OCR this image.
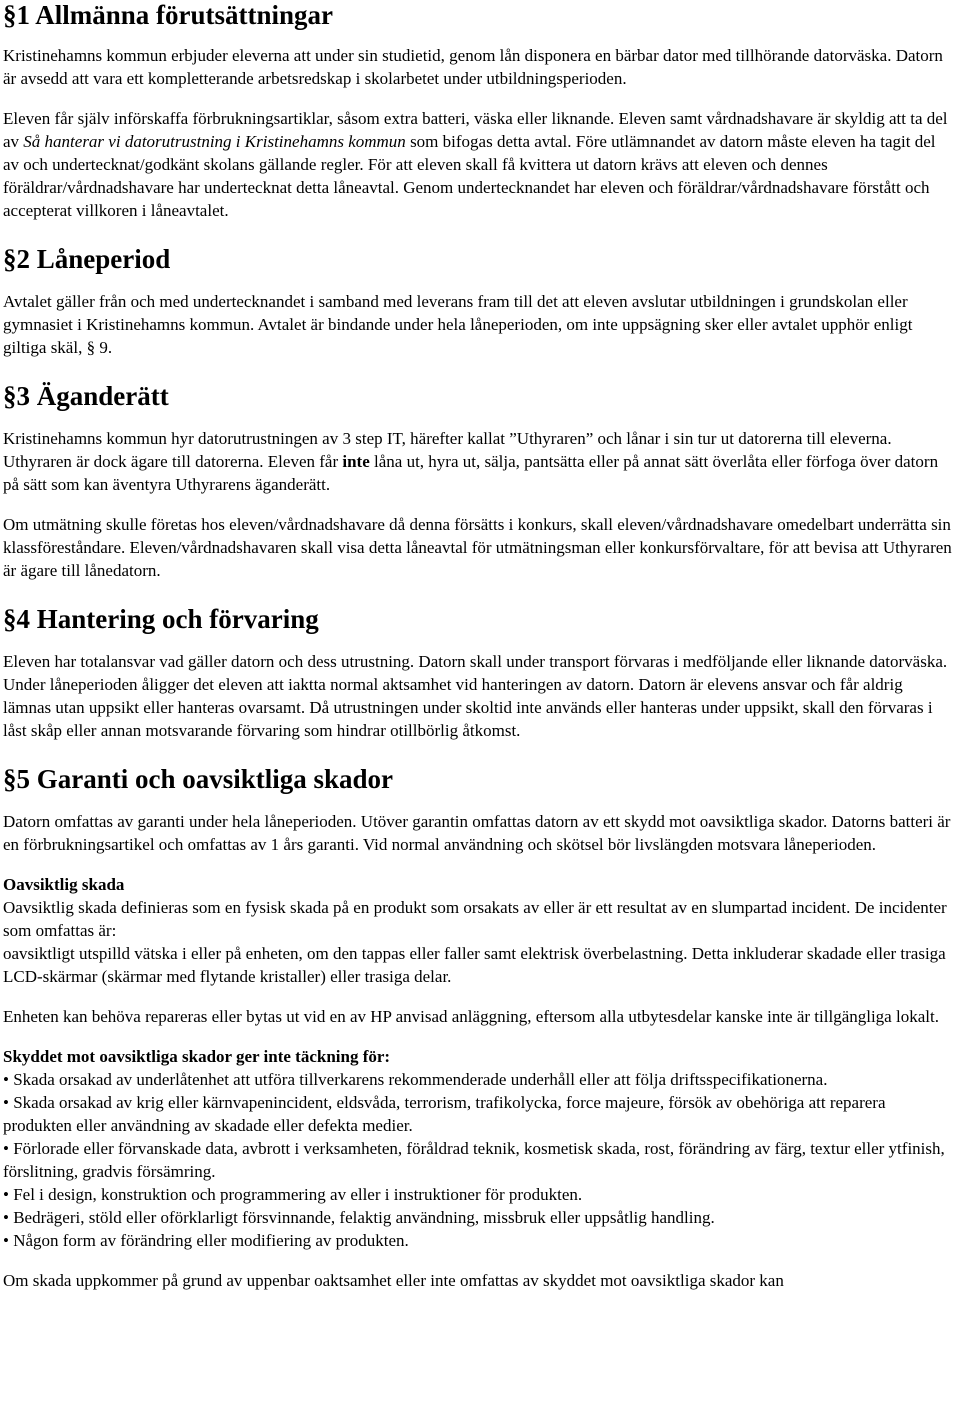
§1 Allmänna förutsättningar

Kristinehamns kommun erbjuder eleverna att under sin studietid, genom lån disponera en bärbar dator med tillhörande datorväska. Datorn är avsedd att vara ett kompletterande arbetsredskap i skolarbetet under utbildningsperioden.

Eleven får själv införskaffa förbrukningsartiklar, såsom extra batteri, väska eller liknande. Eleven samt vårdnadshavare är skyldig att ta del av Så hanterar vi datorutrustning i Kristinehamns kommun som bifogas detta avtal. Före utlämnandet av datorn måste eleven ha tagit del av och undertecknat/godkänt skolans gällande regler. För att eleven skall få kvittera ut datorn krävs att eleven och dennes föräldrar/vårdnadshavare har undertecknat detta låneavtal. Genom undertecknandet har eleven och föräldrar/vårdnadshavare förstått och accepterat villkoren i låneavtalet.

§2 Låneperiod

Avtalet gäller från och med undertecknandet i samband med leverans fram till det att eleven avslutar utbildningen i grundskolan eller gymnasiet i Kristinehamns kommun. Avtalet är bindande under hela låneperioden, om inte uppsägning sker eller avtalet upphör enligt giltiga skäl, § 9.

§3 Äganderätt

Kristinehamns kommun hyr datorutrustningen av 3 step IT, härefter kallat ”Uthyraren” och lånar i sin tur ut datorerna till eleverna. Uthyraren är dock ägare till datorerna. Eleven får inte låna ut, hyra ut, sälja, pantsätta eller på annat sätt överlåta eller förfoga över datorn på sätt som kan äventyra Uthyrarens äganderätt.

Om utmätning skulle företas hos eleven/vårdnadshavare då denna försätts i konkurs, skall eleven/vårdnadshavare omedelbart underrätta sin klassföreståndare. Eleven/vårdnadshavaren skall visa detta låneavtal för utmätningsman eller konkursförvaltare, för att bevisa att Uthyraren är ägare till lånedatorn.

§4 Hantering och förvaring

Eleven har totalansvar vad gäller datorn och dess utrustning. Datorn skall under transport förvaras i medföljande eller liknande datorväska. Under låneperioden åligger det eleven att iaktta normal aktsamhet vid hanteringen av datorn. Datorn är elevens ansvar och får aldrig lämnas utan uppsikt eller hanteras ovarsamt. Då utrustningen under skoltid inte används eller hanteras under uppsikt, skall den förvaras i låst skåp eller annan motsvarande förvaring som hindrar otillbörlig åtkomst.

§5 Garanti och oavsiktliga skador

Datorn omfattas av garanti under hela låneperioden. Utöver garantin omfattas datorn av ett skydd mot oavsiktliga skador. Datorns batteri är en förbrukningsartikel och omfattas av 1 års garanti. Vid normal användning och skötsel bör livslängden motsvara låneperioden.

Oavsiktlig skada

Oavsiktlig skada definieras som en fysisk skada på en produkt som orsakats av eller är ett resultat av en slumpartad incident. De incidenter som omfattas är:

oavsiktligt utspilld vätska i eller på enheten, om den tappas eller faller samt elektrisk överbelastning. Detta inkluderar skadade eller trasiga LCD-skärmar (skärmar med flytande kristaller) eller trasiga delar.

Enheten kan behöva repareras eller bytas ut vid en av HP anvisad anläggning, eftersom alla utbytesdelar kanske inte är tillgängliga lokalt.

Skyddet mot oavsiktliga skador ger inte täckning för:

• Skada orsakad av underlåtenhet att utföra tillverkarens rekommenderade underhåll eller att följa driftsspecifikationerna.

• Skada orsakad av krig eller kärnvapenincident, eldsvåda, terrorism, trafikolycka, force majeure, försök av obehöriga att reparera produkten eller användning av skadade eller defekta medier.

• Förlorade eller förvanskade data, avbrott i verksamheten, föråldrad teknik, kosmetisk skada, rost, förändring av färg, textur eller ytfinish, förslitning, gradvis försämring.

• Fel i design, konstruktion och programmering av eller i instruktioner för produkten.

• Bedrägeri, stöld eller oförklarligt försvinnande, felaktig användning, missbruk eller uppsåtlig handling.

• Någon form av förändring eller modifiering av produkten.

Om skada uppkommer på grund av uppenbar oaktsamhet eller inte omfattas av skyddet mot oavsiktliga skador kan
